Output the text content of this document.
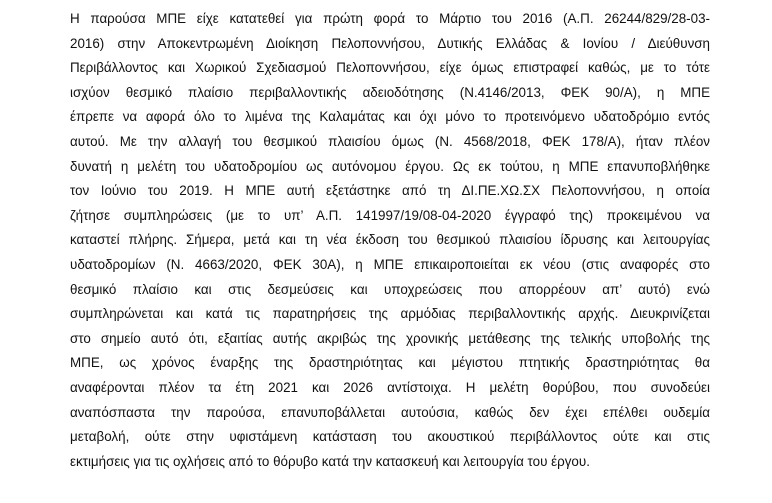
Η παρούσα ΜΠΕ είχε κατατεθεί για πρώτη φορά το Μάρτιο του 2016 (Α.Π. 26244/829/28-03-
2016) στην Αποκεντρωμένη Διοίκηση Πελοποννήσου, Δυτικής Ελλάδας & Ιονίου / Διεύθυνση
Περιβάλλοντος και Χωρικού Σχεδιασμού Πελοποννήσου, είχε όμως επιστραφεί καθώς, με το τότε
ισχύον θεσμικό πλαίσιο περιβαλλοντικής αδειοδότησης (Ν.4146/2013, ΦΕΚ 90/Α), η ΜΠΕ
έπρεπε να αφορά όλο το λιμένα της Καλαμάτας και όχι μόνο το προτεινόμενο υδατοδρόμιο εντός
αυτού. Με την αλλαγή του θεσμικού πλαισίου όμως (Ν. 4568/2018, ΦΕΚ 178/Α), ήταν πλέον
δυνατή η μελέτη του υδατοδρομίου ως αυτόνομου έργου. Ως εκ τούτου, η ΜΠΕ επανυποβλήθηκε
τον Ιούνιο του 2019. Η ΜΠΕ αυτή εξετάστηκε από τη ΔΙ.ΠΕ.ΧΩ.ΣΧ Πελοποννήσου, η οποία
ζήτησε συμπληρώσεις (με το υπ’ Α.Π. 141997/19/08-04-2020 έγγραφό της) προκειμένου να
καταστεί πλήρης. Σήμερα, μετά και τη νέα έκδοση του θεσμικού πλαισίου ίδρυσης και λειτουργίας
υδατοδρομίων (Ν. 4663/2020, ΦΕΚ 30Α), η ΜΠΕ επικαιροποιείται εκ νέου (στις αναφορές στο
θεσμικό πλαίσιο και στις δεσμεύσεις και υποχρεώσεις που απορρέουν απ’ αυτό) ενώ
συμπληρώνεται και κατά τις παρατηρήσεις της αρμόδιας περιβαλλοντικής αρχής. Διευκρινίζεται
στο σημείο αυτό ότι, εξαιτίας αυτής ακριβώς της χρονικής μετάθεσης της τελικής υποβολής της
ΜΠΕ, ως χρόνος έναρξης της δραστηριότητας και μέγιστου πτητικής δραστηριότητας θα
αναφέρονται πλέον τα έτη 2021 και 2026 αντίστοιχα. Η μελέτη θορύβου, που συνοδεύει
αναπόσπαστα την παρούσα, επανυποβάλλεται αυτούσια, καθώς δεν έχει επέλθει ουδεμία
μεταβολή, ούτε στην υφιστάμενη κατάσταση του ακουστικού περιβάλλοντος ούτε και στις
εκτιμήσεις για τις οχλήσεις από το θόρυβο κατά την κατασκευή και λειτουργία του έργου.
